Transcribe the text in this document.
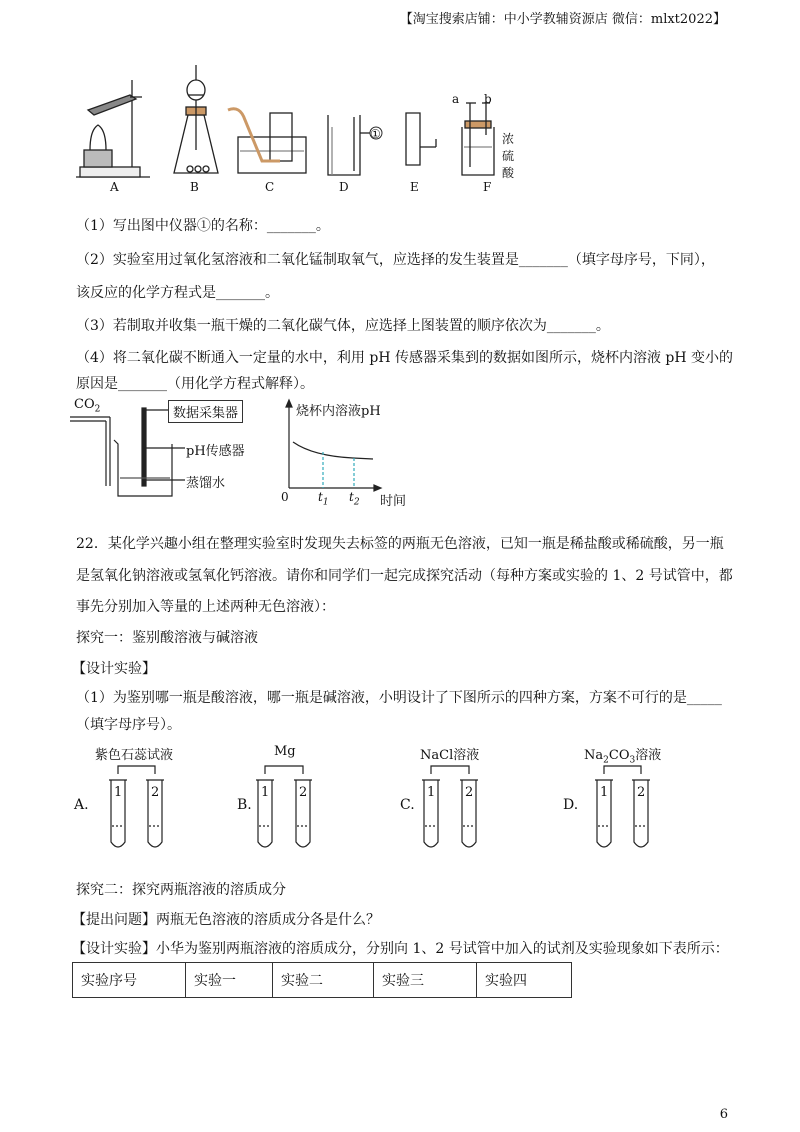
【淘宝搜索店铺：中小学教辅资源店 微信：mlxt2022】
A	B	C	D	E	F
①
a b
浓
硫
酸
（1）写出图中仪器①的名称：_______。
（2）实验室用过氧化氢溶液和二氧化锰制取氧气，应选择的发生装置是_______（填字母序号，下同），
该反应的化学方程式是_______。
（3）若制取并收集一瓶干燥的二氧化碳气体，应选择上图装置的顺序依次为_______。
（4）将二氧化碳不断通入一定量的水中，利用 pH 传感器采集到的数据如图所示，烧杯内溶液 pH 变小的
原因是_______（用化学方程式解释）。
$CO_2$	数据采集器
pH传感器
蒸馏水
烧杯内溶液pH
0 $t_1$ $t_2$ 时间
22．某化学兴趣小组在整理实验室时发现失去标签的两瓶无色溶液，已知一瓶是稀盐酸或稀硫酸，另一瓶
是氢氧化钠溶液或氢氧化钙溶液。请你和同学们一起完成探究活动（每种方案或实验的 1、2 号试管中，都
事先分别加入等量的上述两种无色溶液）：
探究一：鉴别酸溶液与碱溶液
【设计实验】
（1）为鉴别哪一瓶是酸溶液，哪一瓶是碱溶液，小明设计了下图所示的四种方案，方案不可行的是_____
（填字母序号）。
A.
紫色石蕊试液
B.
Mg
C.
NaCl溶液
D.
$Na_2CO_3$溶液
1 2	1 2	1 2	1 2
探究二：探究两瓶溶液的溶质成分
【提出问题】两瓶无色溶液的溶质成分各是什么？
【设计实验】小华为鉴别两瓶溶液的溶质成分，分别向 1、2 号试管中加入的试剂及实验现象如下表所示：
实验序号	实验一	实验二	实验三	实验四
6
